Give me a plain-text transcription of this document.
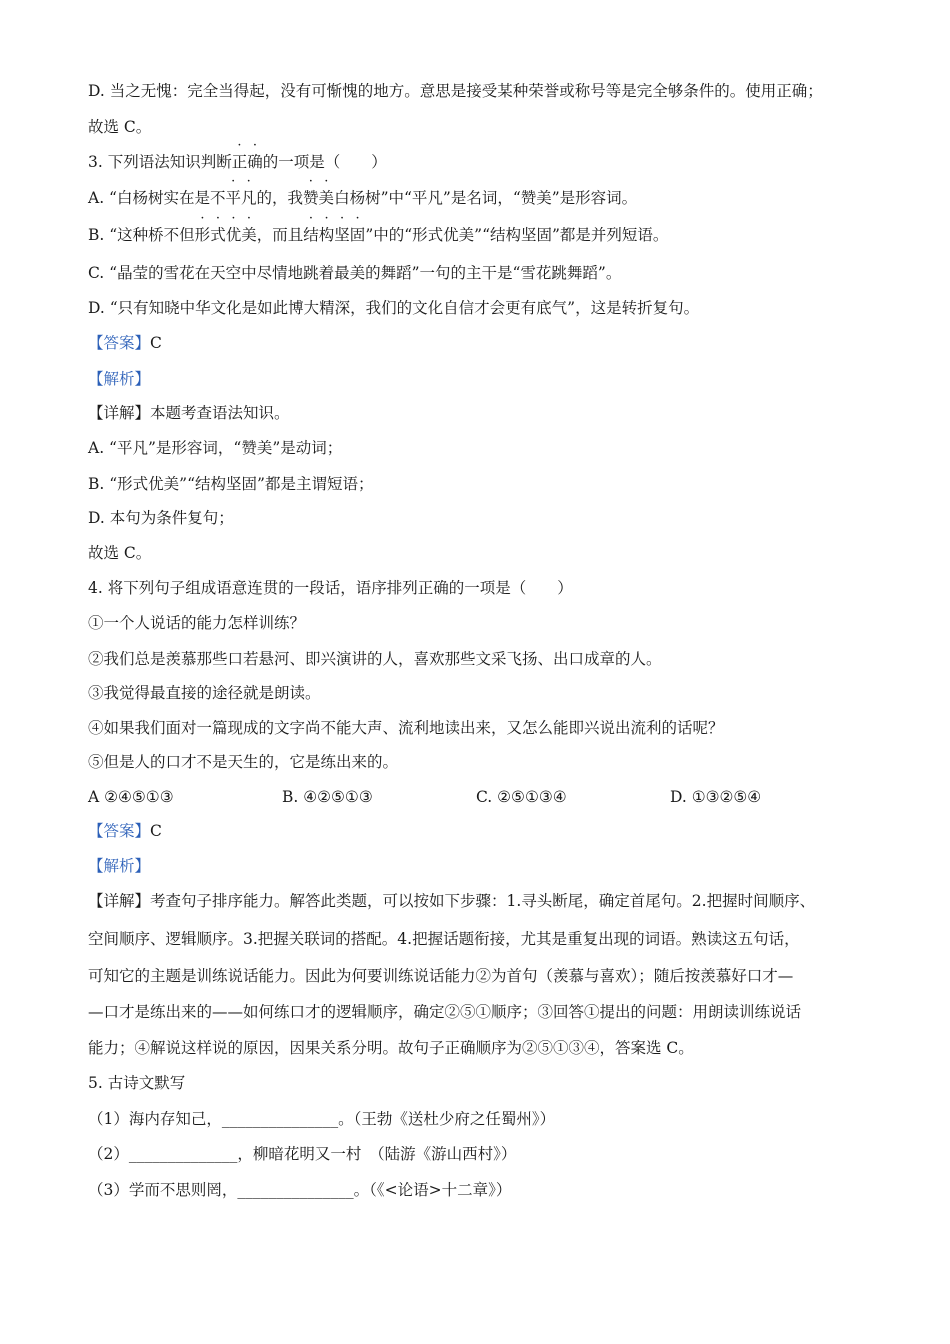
D. 当之无愧：完全当得起，没有可惭愧的地方。意思是接受某种荣誉或称号等是完全够条件的。使用正确；
故选 C。
3. 下列语法知识判断正确的一项是（　　）
A. “白杨树实在是不平凡的，我赞美白杨树”中“平凡”是名词，“赞美”是形容词。
B. “这种桥不但形式优美，而且结构坚固”中的“形式优美”“结构坚固”都是并列短语。
C. “晶莹的雪花在天空中尽情地跳着最美的舞蹈”一句的主干是“雪花跳舞蹈”。
D. “只有知晓中华文化是如此博大精深，我们的文化自信才会更有底气”，这是转折复句。
【答案】C
【解析】
【详解】本题考查语法知识。
A. “平凡”是形容词，“赞美”是动词；
B. “形式优美”“结构坚固”都是主谓短语；
D. 本句为条件复句；
故选 C。
4. 将下列句子组成语意连贯的一段话，语序排列正确的一项是（　　）
①一个人说话的能力怎样训练？
②我们总是羡慕那些口若悬河、即兴演讲的人，喜欢那些文采飞扬、出口成章的人。
③我觉得最直接的途径就是朗读。
④如果我们面对一篇现成的文字尚不能大声、流利地读出来，又怎么能即兴说出流利的话呢？
⑤但是人的口才不是天生的，它是练出来的。
A ②④⑤①③	B. ④②⑤①③	C. ②⑤①③④	D. ①③②⑤④
【答案】C
【解析】
【详解】考查句子排序能力。解答此类题，可以按如下步骤：1.寻头断尾，确定首尾句。2.把握时间顺序、
空间顺序、逻辑顺序。3.把握关联词的搭配。4.把握话题衔接，尤其是重复出现的词语。熟读这五句话，
可知它的主题是训练说话能力。因此为何要训练说话能力②为首句（羡慕与喜欢）；随后按羡慕好口才—
—口才是练出来的——如何练口才的逻辑顺序，确定②⑤①顺序；③回答①提出的问题：用朗读训练说话
能力；④解说这样说的原因，因果关系分明。故句子正确顺序为②⑤①③④，答案选 C。
5. 古诗文默写
（1）海内存知己，_______________。（王勃《送杜少府之任蜀州》）
（2）______________，柳暗花明又一村　（陆游《游山西村》）
（3）学而不思则罔，_______________。（《<论语>十二章》）
